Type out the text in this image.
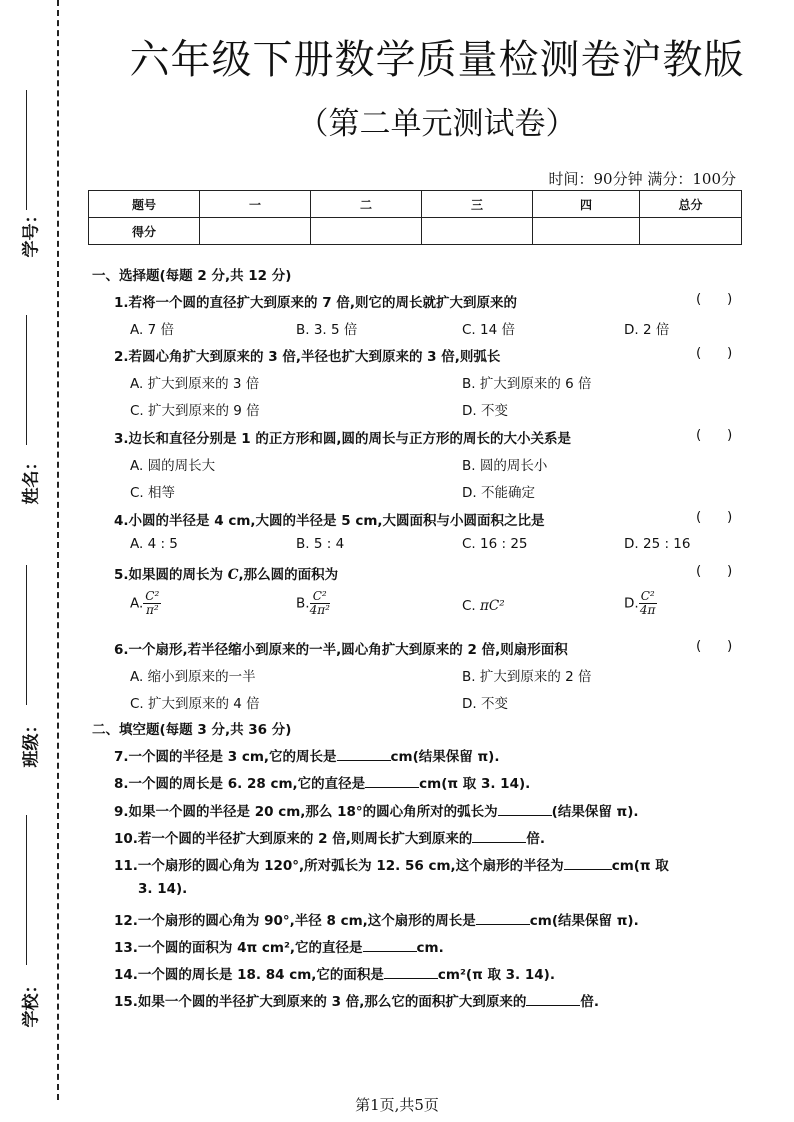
学号：
姓名：
班级：
学校：
六年级下册数学质量检测卷沪教版
（第二单元测试卷）
时间：90分钟 满分：100分
题号	一	二	三	四	总分
得分					
一、选择题(每题 2 分,共 12 分)
1.若将一个圆的直径扩大到原来的 7 倍,则它的周长就扩大到原来的	(      )
A. 7 倍	B. 3. 5 倍	C. 14 倍	D. 2 倍
2.若圆心角扩大到原来的 3 倍,半径也扩大到原来的 3 倍,则弧长	(      )
A. 扩大到原来的 3 倍	B. 扩大到原来的 6 倍
C. 扩大到原来的 9 倍	D. 不变
3.边长和直径分别是 1 的正方形和圆,圆的周长与正方形的周长的大小关系是	(      )
A. 圆的周长大	B. 圆的周长小
C. 相等	D. 不能确定
4.小圆的半径是 4 cm,大圆的半径是 5 cm,大圆面积与小圆面积之比是	(      )
A. 4 : 5	B. 5 : 4	C. 16 : 25	D. 25 : 16
5.如果圆的周长为 C,那么圆的面积为	(      )
A. $\frac{\text{C²}}{\text{π²}}$	B. $\frac{\text{C²}}{\text{4π²}}$	C. πC²	D. $\frac{\text{C²}}{4\pi}$
6.一个扇形,若半径缩小到原来的一半,圆心角扩大到原来的 2 倍,则扇形面积	(      )
A. 缩小到原来的一半	B. 扩大到原来的 2 倍
C. 扩大到原来的 4 倍	D. 不变
二、填空题(每题 3 分,共 36 分)
7.一个圆的半径是 3 cm,它的周长是	cm(结果保留 π).
8.一个圆的周长是 6. 28 cm,它的直径是	cm(π 取 3. 14).
9.如果一个圆的半径是 20 cm,那么 18°的圆心角所对的弧长为	(结果保留 π).
10.若一个圆的半径扩大到原来的 2 倍,则周长扩大到原来的	倍.
11.一个扇形的圆心角为 120°,所对弧长为 12. 56 cm,这个扇形的半径为	cm(π 取
3. 14).
12.一个扇形的圆心角为 90°,半径 8 cm,这个扇形的周长是	cm(结果保留 π).
13.一个圆的面积为 4π cm²,它的直径是	cm.
14.一个圆的周长是 18. 84 cm,它的面积是	cm²(π 取 3. 14).
15.如果一个圆的半径扩大到原来的 3 倍,那么它的面积扩大到原来的	倍.
第1页,共5页
